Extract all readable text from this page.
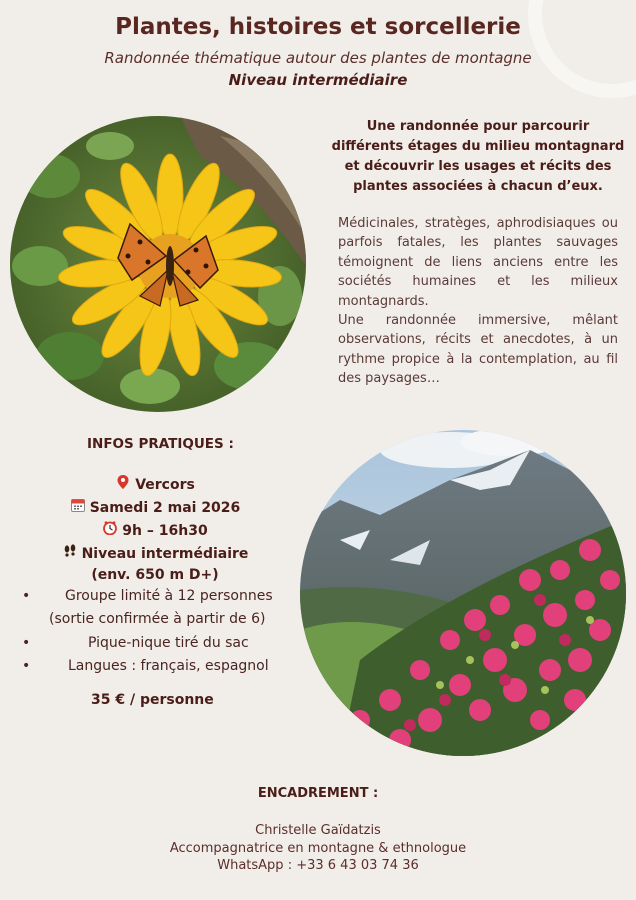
Plantes, histoires et sorcellerie
Randonnée thématique autour des plantes de montagne
Niveau intermédiaire
Une randonnée pour parcourir
différents étages du milieu montagnard
et découvrir les usages et récits des
plantes associées à chacun d’eux.

Médicinales, stratèges, aphrodisiaques ou parfois fatales, les plantes sauvages témoignent de liens anciens entre les sociétés humaines et les milieux montagnards.

Une randonnée immersive, mêlant observations, récits et anecdotes, à un rythme propice à la contemplation, au fil des paysages…

INFOS PRATIQUES :
Vercors
Samedi 2 mai 2026
9h – 16h30
Niveau intermédiaire
(env. 650 m D+)
• Groupe limité à 12 personnes
(sortie confirmée à partir de 6)
•	Pique-nique tiré du sac
•	Langues : français, espagnol
35 € / personne
ENCADREMENT :
Christelle Gaïdatzis
Accompagnatrice en montagne & ethnologue
WhatsApp : +33 6 43 03 74 36
